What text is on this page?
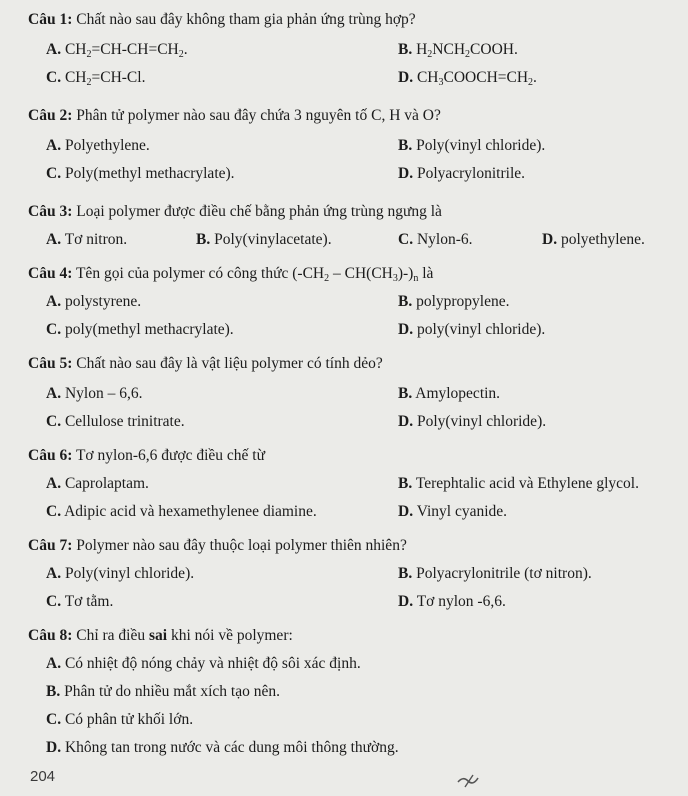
Câu 1: Chất nào sau đây không tham gia phản ứng trùng hợp?
A. $CH_2=CH-CH=CH_2$.	B. $H_2NCH_2COOH$.
C. $CH_2=CH-Cl$.	D. $CH_3COOCH=CH_2$.
Câu 2: Phân tử polymer nào sau đây chứa 3 nguyên tố C, H và O?
A. Polyethylene.	B. Poly(vinyl chloride).
C. Poly(methyl methacrylate).	D. Polyacrylonitrile.
Câu 3: Loại polymer được điều chế bằng phản ứng trùng ngưng là
A. Tơ nitron.	B. Poly(vinylacetate).	C. Nylon-6.	D. polyethylene.
Câu 4: Tên gọi của polymer có công thức $(-CH_2 - CH(CH_3)-)_n$ là
A. polystyrene.	B. polypropylene.
C. poly(methyl methacrylate).	D. poly(vinyl chloride).
Câu 5: Chất nào sau đây là vật liệu polymer có tính dẻo?
A. Nylon – 6,6.	B. Amylopectin.
C. Cellulose trinitrate.	D. Poly(vinyl chloride).
Câu 6: Tơ nylon-6,6 được điều chế từ
A. Caprolaptam.	B. Terephtalic acid và Ethylene glycol.
C. Adipic acid và hexamethylenee diamine.	D. Vinyl cyanide.
Câu 7: Polymer nào sau đây thuộc loại polymer thiên nhiên?
A. Poly(vinyl chloride).	B. Polyacrylonitrile (tơ nitron).
C. Tơ tằm.	D. Tơ nylon -6,6.
Câu 8: Chỉ ra điều sai khi nói về polymer:
A. Có nhiệt độ nóng chảy và nhiệt độ sôi xác định.
B. Phân tử do nhiều mắt xích tạo nên.
C. Có phân tử khối lớn.
D. Không tan trong nước và các dung môi thông thường.
204
